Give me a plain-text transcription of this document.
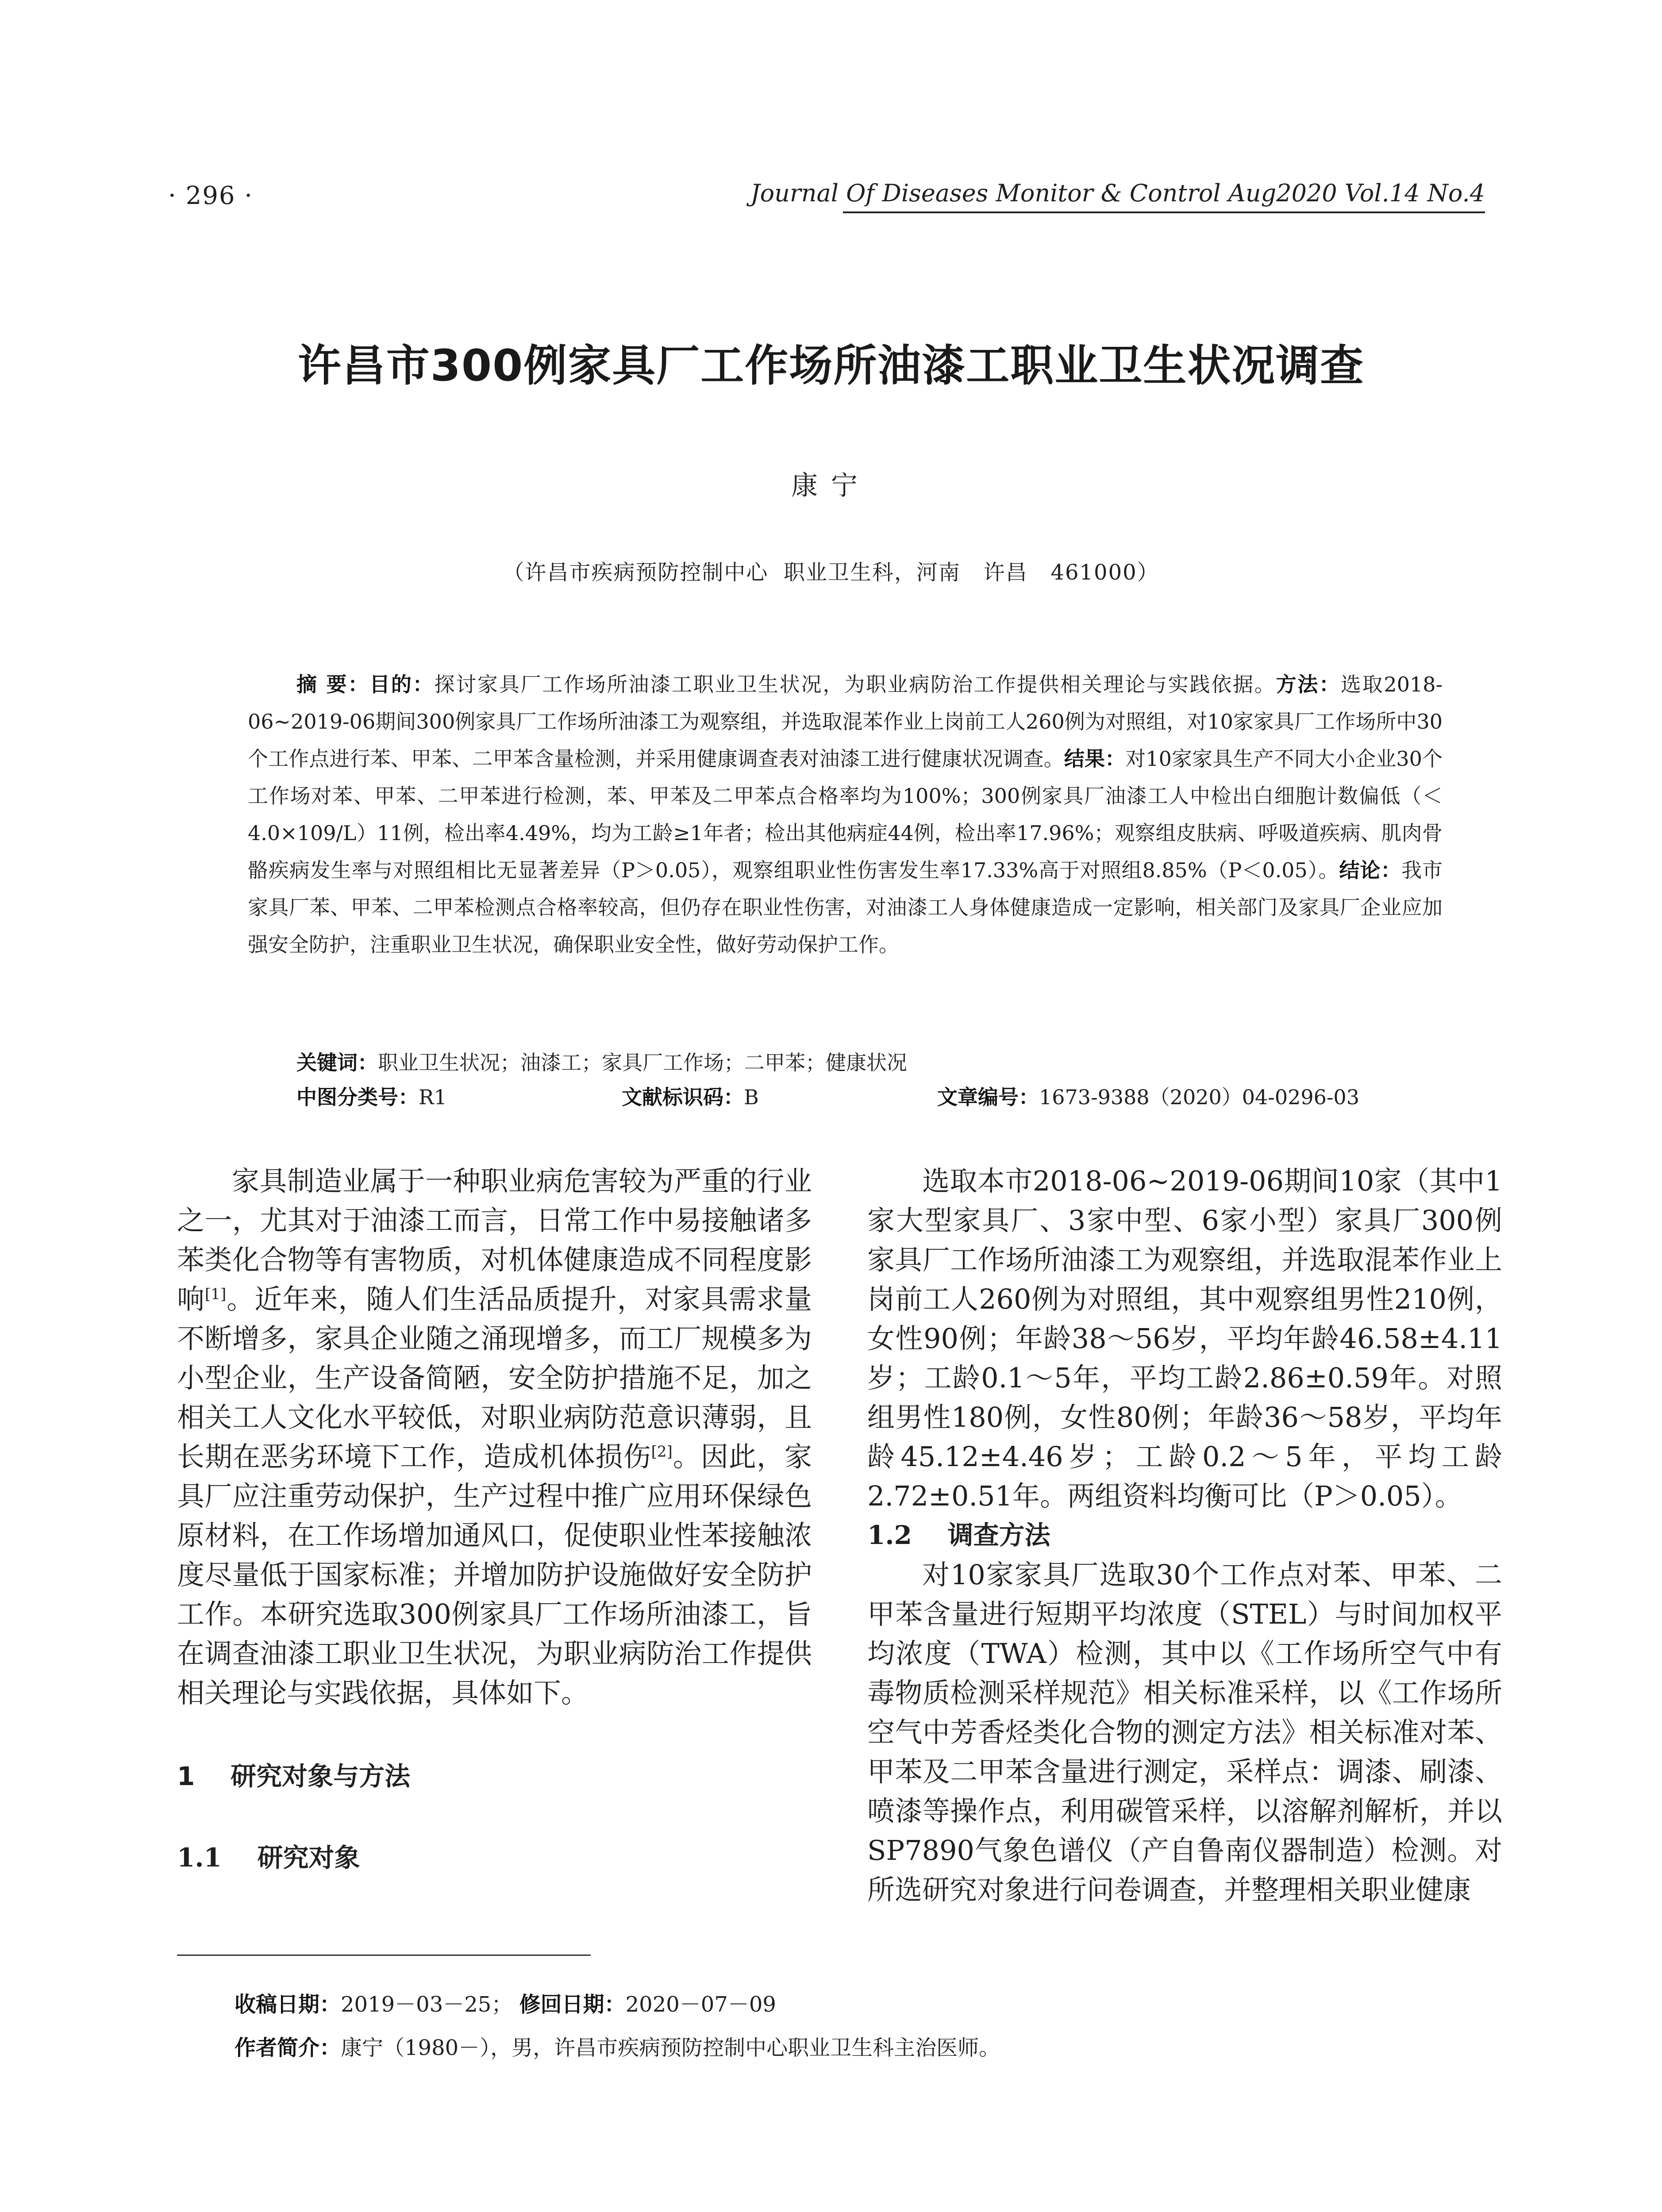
· 296 ·	Journal Of Diseases Monitor & Control Aug2020 Vol.14 No.4
许昌市300例家具厂工作场所油漆工职业卫生状况调查
康宁
（许昌市疾病预防控制中心  职业卫生科，河南   许昌   461000）
摘 要：目的：探讨家具厂工作场所油漆工职业卫生状况，为职业病防治工作提供相关理论与实践依据。方法：选取2018-06~2019-06期间300例家具厂工作场所油漆工为观察组，并选取混苯作业上岗前工人260例为对照组，对10家家具厂工作场所中30个工作点进行苯、甲苯、二甲苯含量检测，并采用健康调查表对油漆工进行健康状况调查。结果：对10家家具生产不同大小企业30个工作场对苯、甲苯、二甲苯进行检测，苯、甲苯及二甲苯点合格率均为100%；300例家具厂油漆工人中检出白细胞计数偏低（＜4.0×109/L）11例，检出率4.49%，均为工龄≥1年者；检出其他病症44例，检出率17.96%；观察组皮肤病、呼吸道疾病、肌肉骨骼疾病发生率与对照组相比无显著差异（P＞0.05），观察组职业性伤害发生率17.33%高于对照组8.85%（P＜0.05）。结论：我市家具厂苯、甲苯、二甲苯检测点合格率较高，但仍存在职业性伤害，对油漆工人身体健康造成一定影响，相关部门及家具厂企业应加强安全防护，注重职业卫生状况，确保职业安全性，做好劳动保护工作。
关键词：职业卫生状况；油漆工；家具厂工作场；二甲苯；健康状况
中图分类号：R1	文献标识码：B	文章编号：1673-9388（2020）04-0296-03

家具制造业属于一种职业病危害较为严重的行业之一，尤其对于油漆工而言，日常工作中易接触诸多苯类化合物等有害物质，对机体健康造成不同程度影响[1]。近年来，随人们生活品质提升，对家具需求量不断增多，家具企业随之涌现增多，而工厂规模多为小型企业，生产设备简陋，安全防护措施不足，加之相关工人文化水平较低，对职业病防范意识薄弱，且长期在恶劣环境下工作，造成机体损伤[2]。因此，家具厂应注重劳动保护，生产过程中推广应用环保绿色原材料，在工作场增加通风口，促使职业性苯接触浓度尽量低于国家标准；并增加防护设施做好安全防护工作。本研究选取300例家具厂工作场所油漆工，旨在调查油漆工职业卫生状况，为职业病防治工作提供相关理论与实践依据，具体如下。

1    研究对象与方法
1.1    研究对象

选取本市2018-06~2019-06期间10家（其中1家大型家具厂、3家中型、6家小型）家具厂300例家具厂工作场所油漆工为观察组，并选取混苯作业上岗前工人260例为对照组，其中观察组男性210例，女性90例；年龄38～56岁，平均年龄46.58±4.11岁；工龄0.1～5年，平均工龄2.86±0.59年。对照组男性180例，女性80例；年龄36～58岁，平均年龄45.12±4.46岁；工龄0.2～5年，平均工龄2.72±0.51年。两组资料均衡可比（P＞0.05）。

1.2    调查方法

对10家家具厂选取30个工作点对苯、甲苯、二甲苯含量进行短期平均浓度（STEL）与时间加权平均浓度（TWA）检测，其中以《工作场所空气中有毒物质检测采样规范》相关标准采样，以《工作场所空气中芳香烃类化合物的测定方法》相关标准对苯、甲苯及二甲苯含量进行测定，采样点：调漆、刷漆、喷漆等操作点，利用碳管采样，以溶解剂解析，并以SP7890气象色谱仪（产自鲁南仪器制造）检测。对所选研究对象进行问卷调查，并整理相关职业健康

收稿日期：2019－03－25； 修回日期：2020－07－09
作者简介：康宁（1980－），男，许昌市疾病预防控制中心职业卫生科主治医师。
